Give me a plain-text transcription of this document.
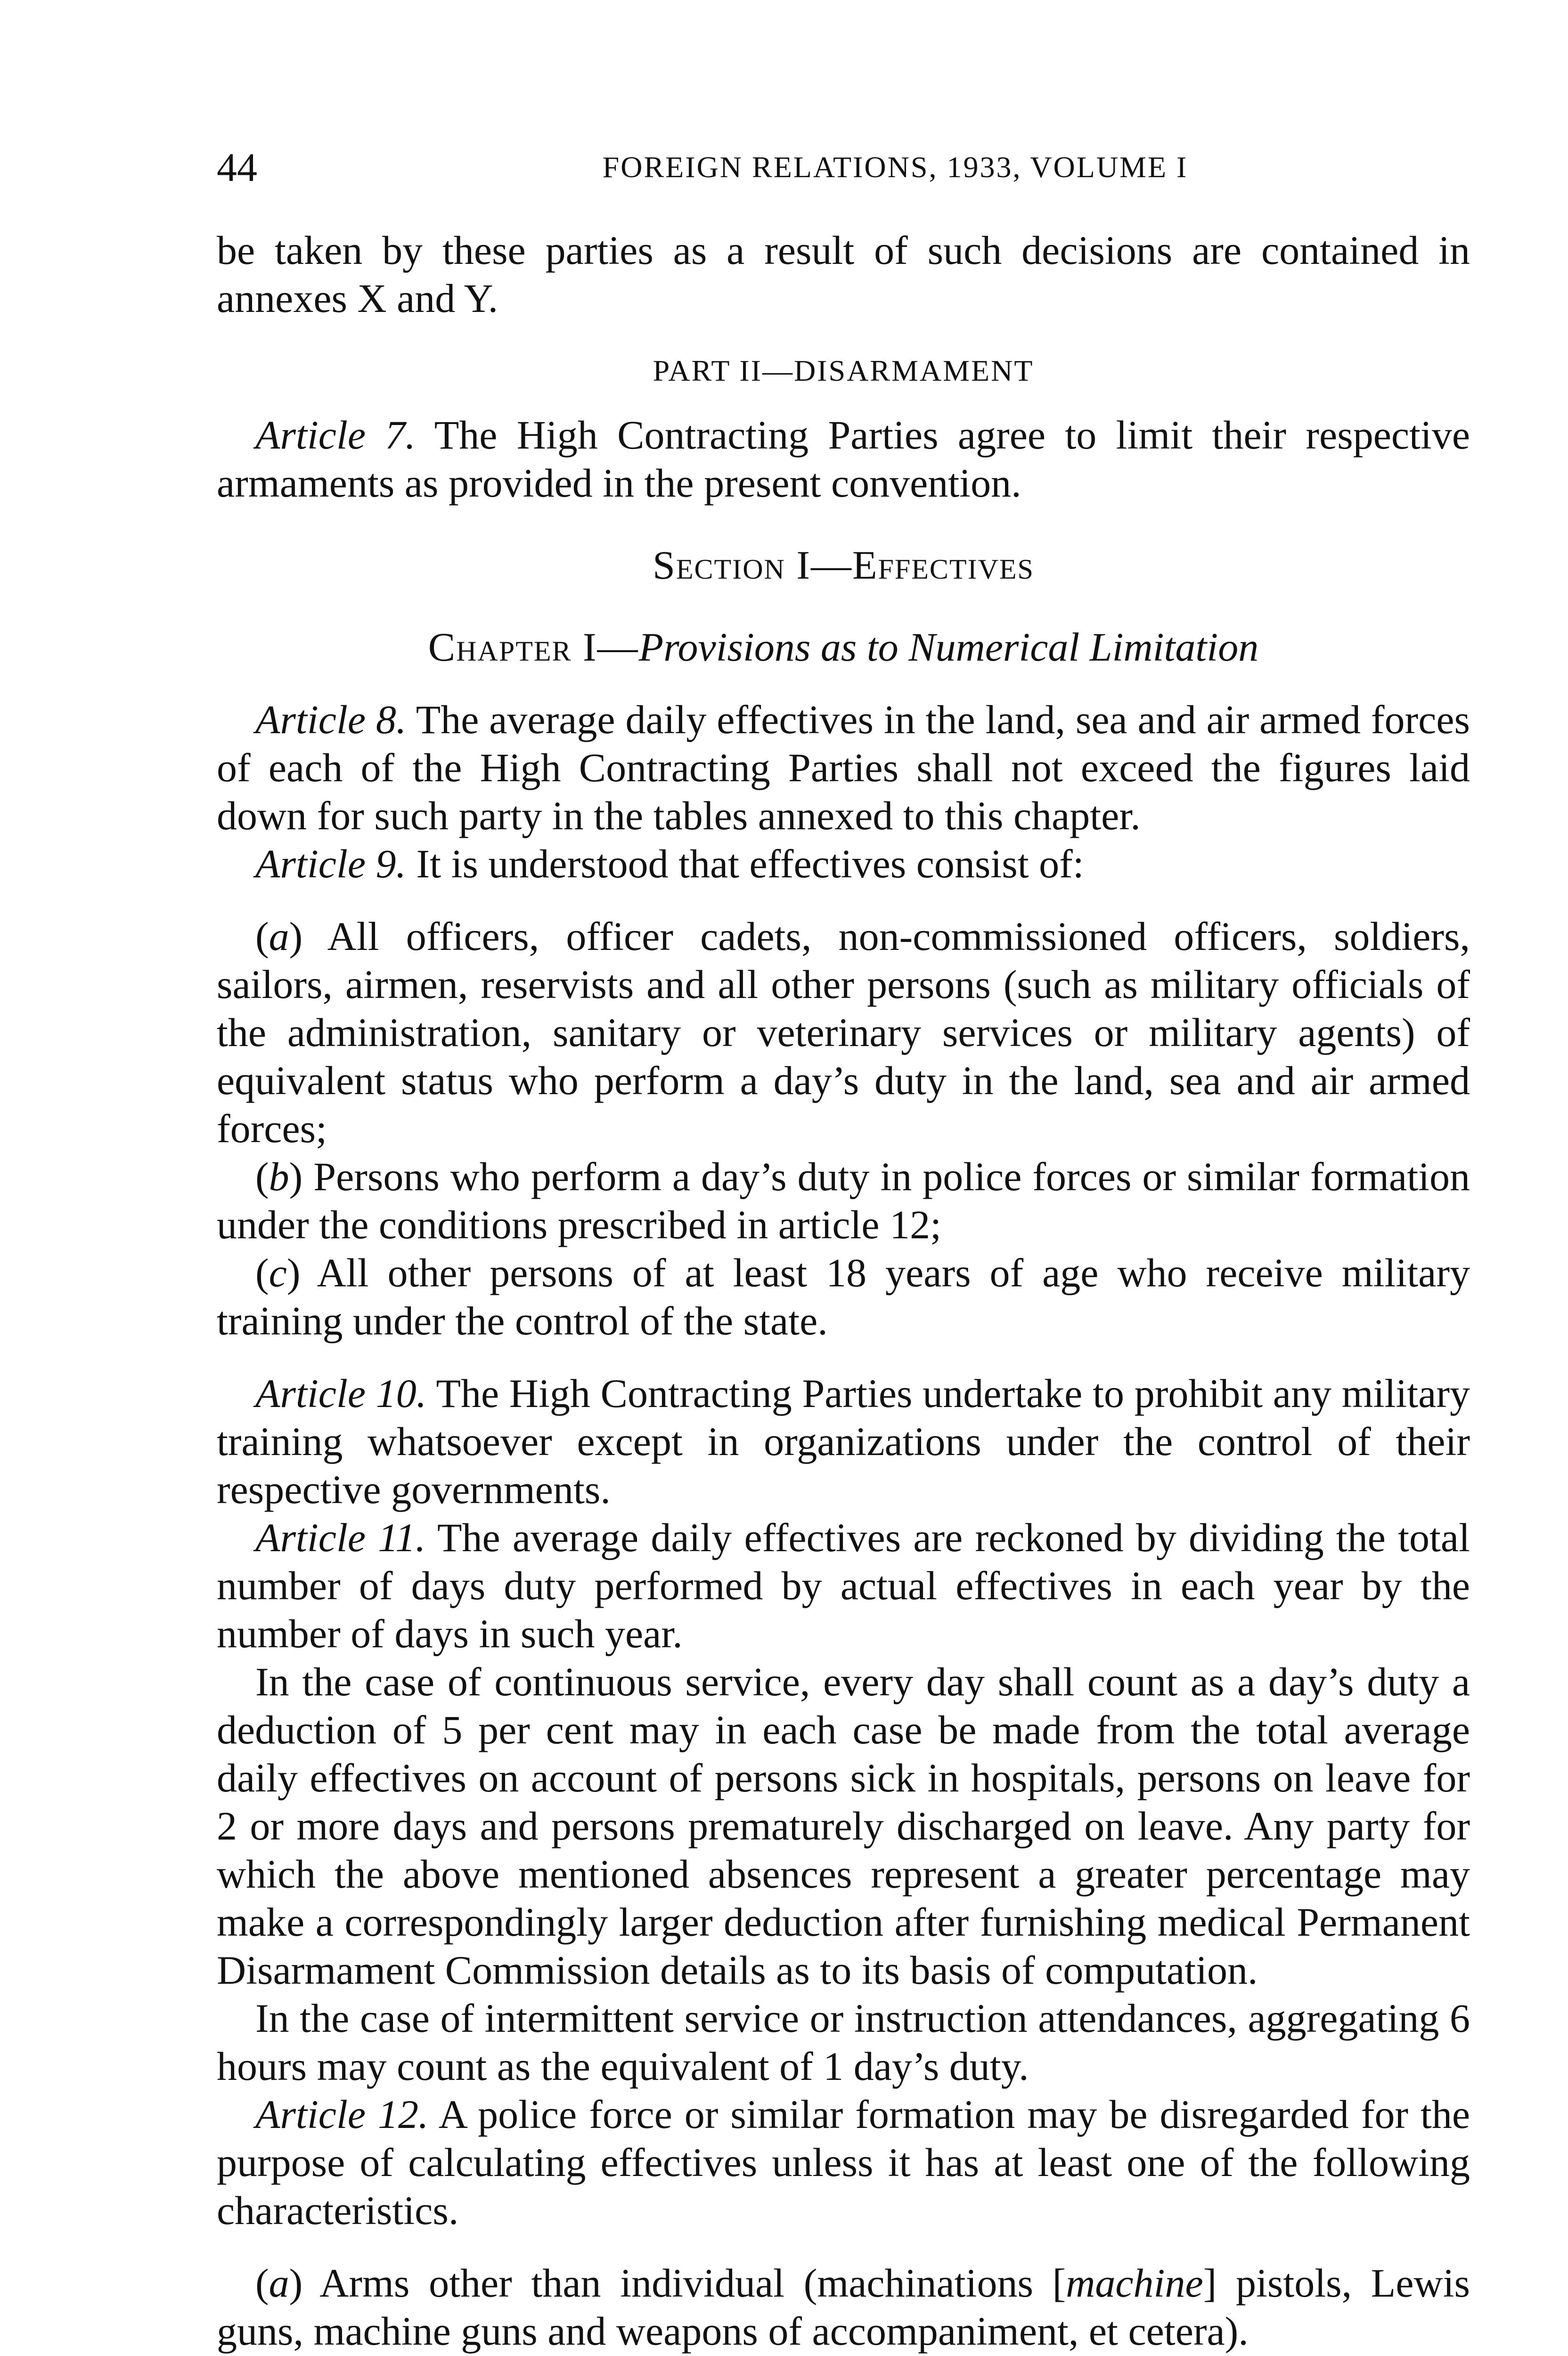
44	FOREIGN RELATIONS, 1933, VOLUME I

be taken by these parties as a result of such decisions are contained in annexes X and Y.

PART II—DISARMAMENT

Article 7. The High Contracting Parties agree to limit their respective armaments as provided in the present convention.

Section I—Effectives

Chapter I—Provisions as to Numerical Limitation

Article 8. The average daily effectives in the land, sea and air armed forces of each of the High Contracting Parties shall not exceed the figures laid down for such party in the tables annexed to this chapter.

Article 9. It is understood that effectives consist of:

(a) All officers, officer cadets, non-commissioned officers, soldiers, sailors, airmen, reservists and all other persons (such as military officials of the administration, sanitary or veterinary services or military agents) of equivalent status who perform a day’s duty in the land, sea and air armed forces;

(b) Persons who perform a day’s duty in police forces or similar formation under the conditions prescribed in article 12;

(c) All other persons of at least 18 years of age who receive military training under the control of the state.

Article 10. The High Contracting Parties undertake to prohibit any military training whatsoever except in organizations under the control of their respective governments.

Article 11. The average daily effectives are reckoned by dividing the total number of days duty performed by actual effectives in each year by the number of days in such year.

In the case of continuous service, every day shall count as a day’s duty a deduction of 5 per cent may in each case be made from the total average daily effectives on account of persons sick in hospitals, persons on leave for 2 or more days and persons prematurely discharged on leave. Any party for which the above mentioned absences represent a greater percentage may make a correspondingly larger deduction after furnishing medical Permanent Disarmament Commission details as to its basis of computation.

In the case of intermittent service or instruction attendances, aggregating 6 hours may count as the equivalent of 1 day’s duty.

Article 12. A police force or similar formation may be disregarded for the purpose of calculating effectives unless it has at least one of the following characteristics.

(a) Arms other than individual (machinations [machine] pistols, Lewis guns, machine guns and weapons of accompaniment, et cetera).
